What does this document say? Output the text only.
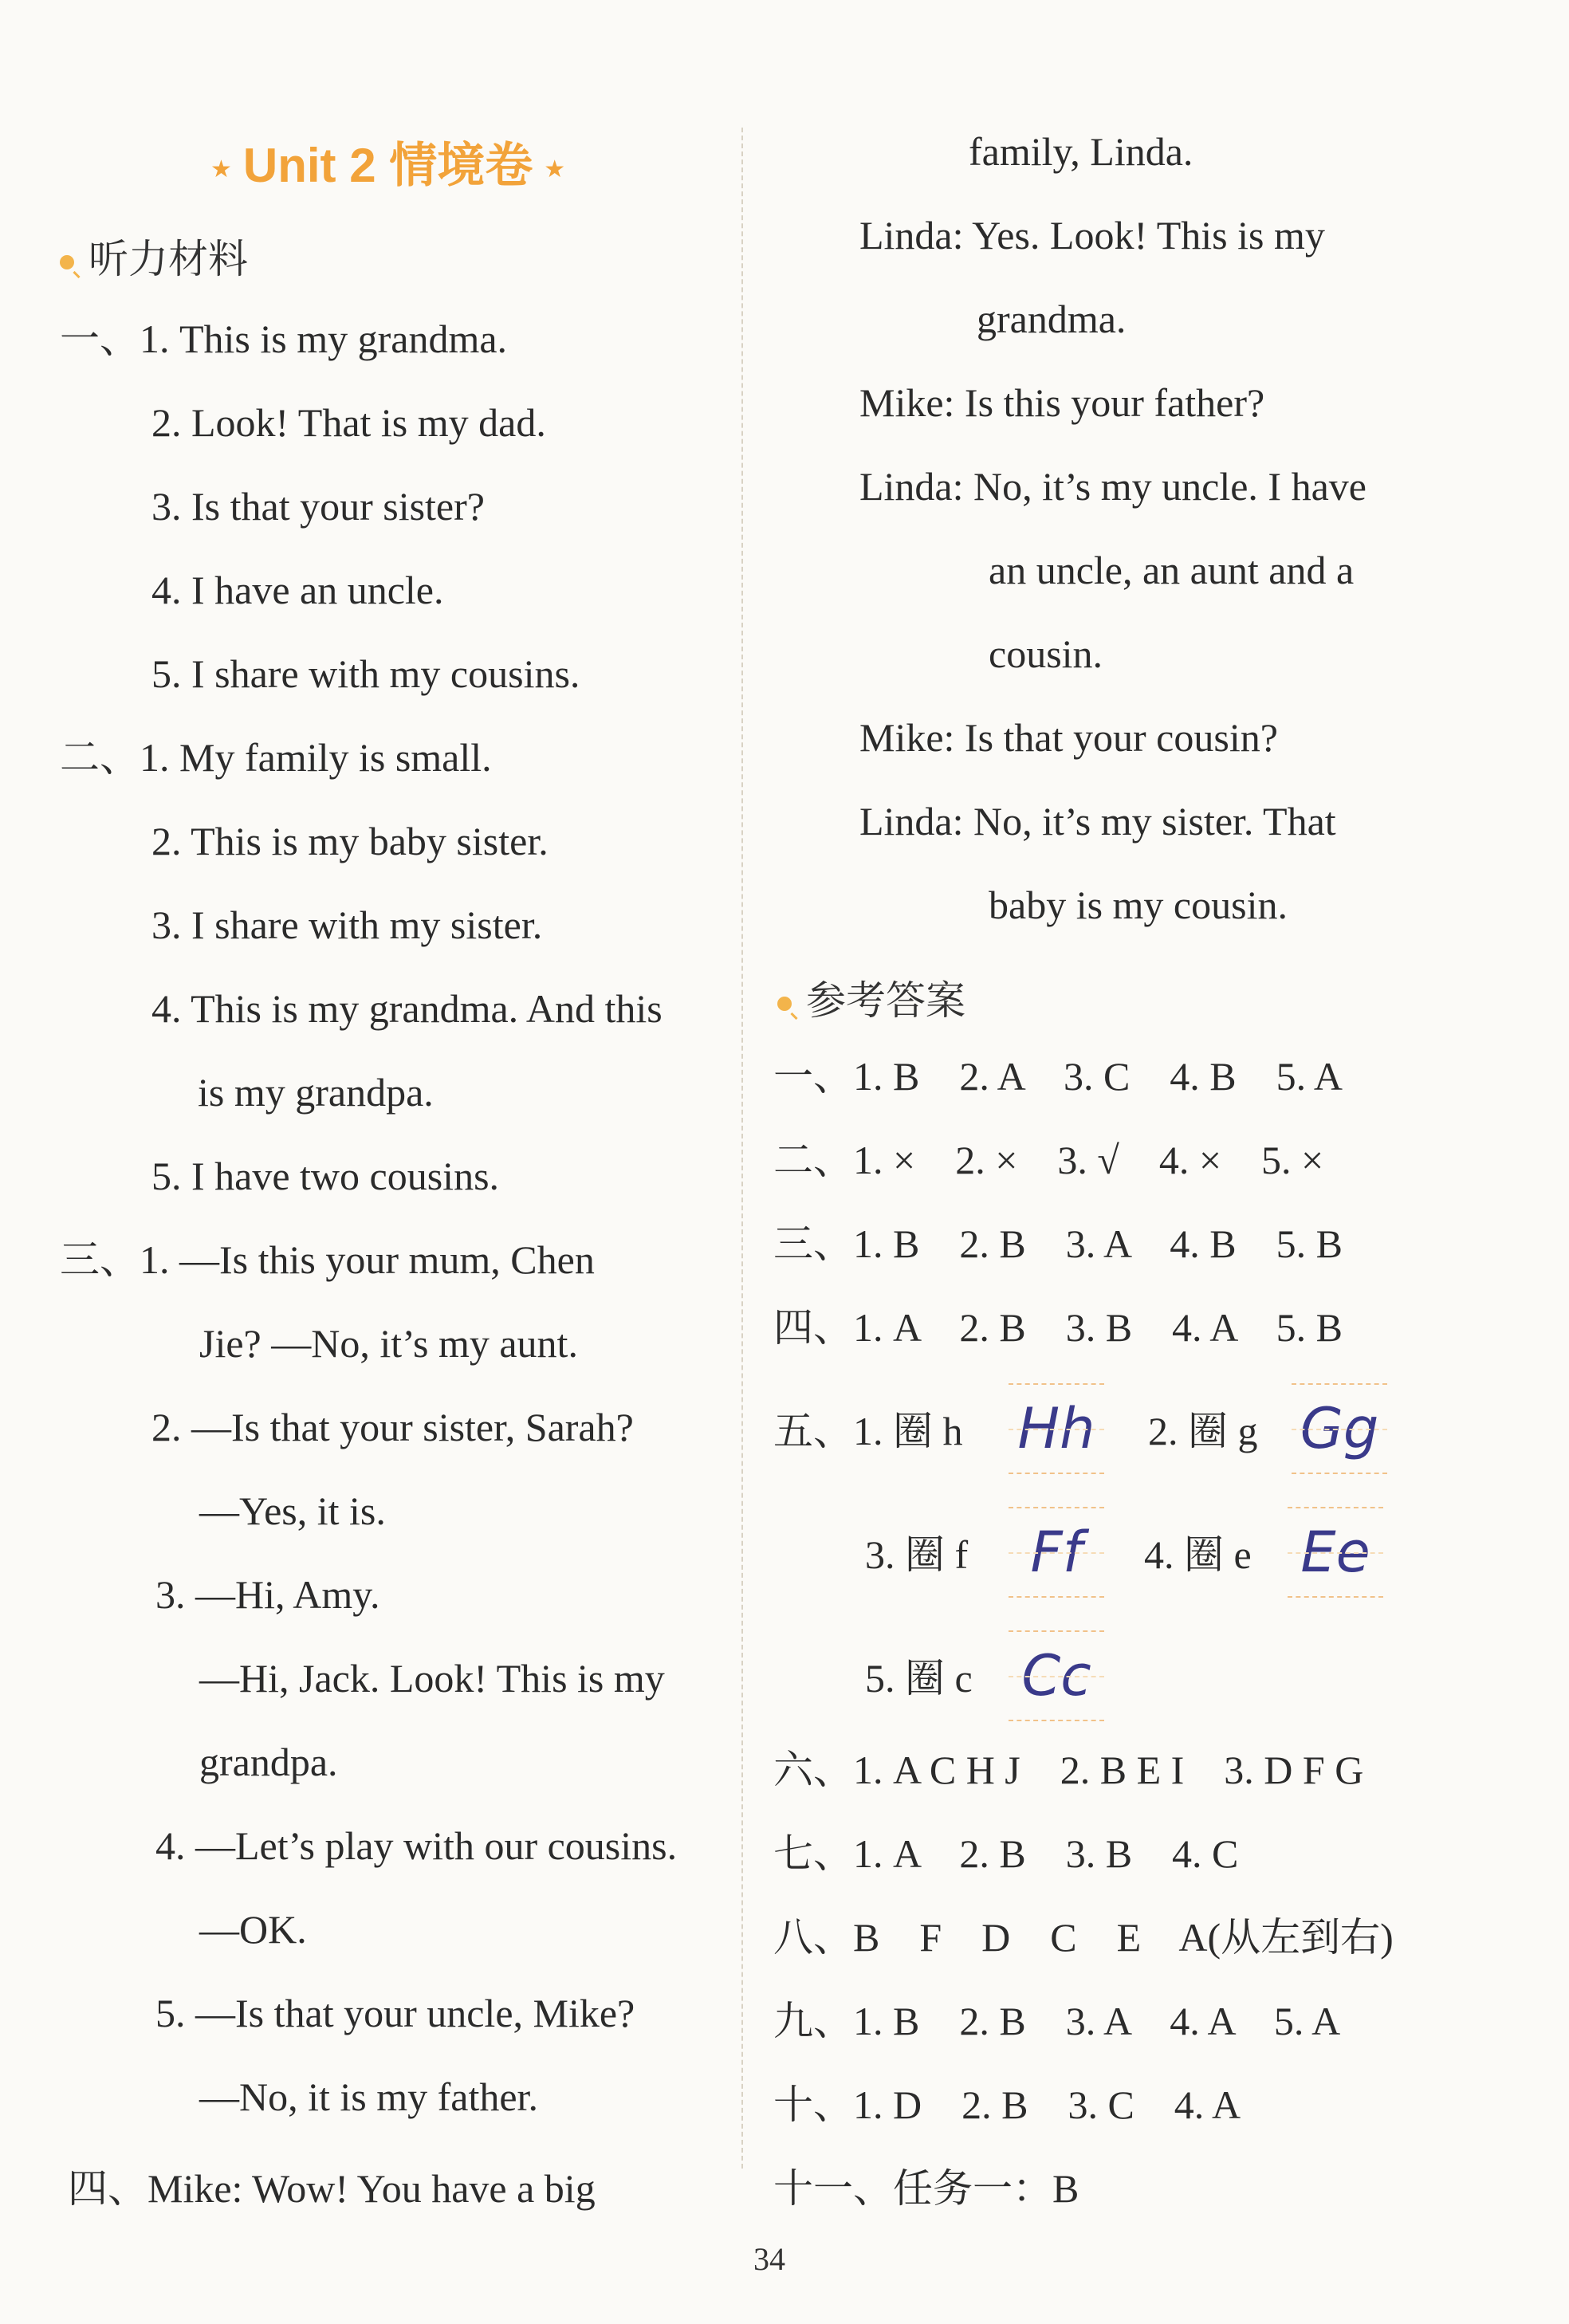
★ Unit 2 情境卷 ★
听力材料
一、1. This is my grandma.
2. Look! That is my dad.
3. Is that your sister?
4. I have an uncle.
5. I share with my cousins.
二、1. My family is small.
2. This is my baby sister.
3. I share with my sister.
4. This is my grandma. And this
is my grandpa.
5. I have two cousins.
三、1. —Is this your mum, Chen
Jie? —No, it’s my aunt.
2. —Is that your sister, Sarah?
—Yes, it is.
3. —Hi, Amy.
—Hi, Jack. Look! This is my
grandpa.
4. —Let’s play with our cousins.
—OK.
5. —Is that your uncle, Mike?
—No, it is my father.
四、Mike: Wow! You have a big
family, Linda.
Linda: Yes. Look! This is my
grandma.
Mike: Is this your father?
Linda: No, it’s my uncle. I have
an uncle, an aunt and a
cousin.
Mike: Is that your cousin?
Linda: No, it’s my sister. That
baby is my cousin.
参考答案
一、1. B    2. A    3. C    4. B    5. A
二、1. ×    2. ×    3. √    4. ×    5. ×
三、1. B    2. B    3. A    4. B    5. B
四、1. A    2. B    3. B    4. A    5. B
五、1. 圈 h Hh 2. 圈 g Gg
3. 圈 f	Ff	4. 圈 e Ee
5. 圈 c Cc
六、1. A C H J    2. B E I    3. D F G
七、1. A    2. B    3. B    4. C
八、B    F    D    C    E    A(从左到右)
九、1. B    2. B    3. A    4. A    5. A
十、1. D    2. B    3. C    4. A
十一、任务一：B
34
